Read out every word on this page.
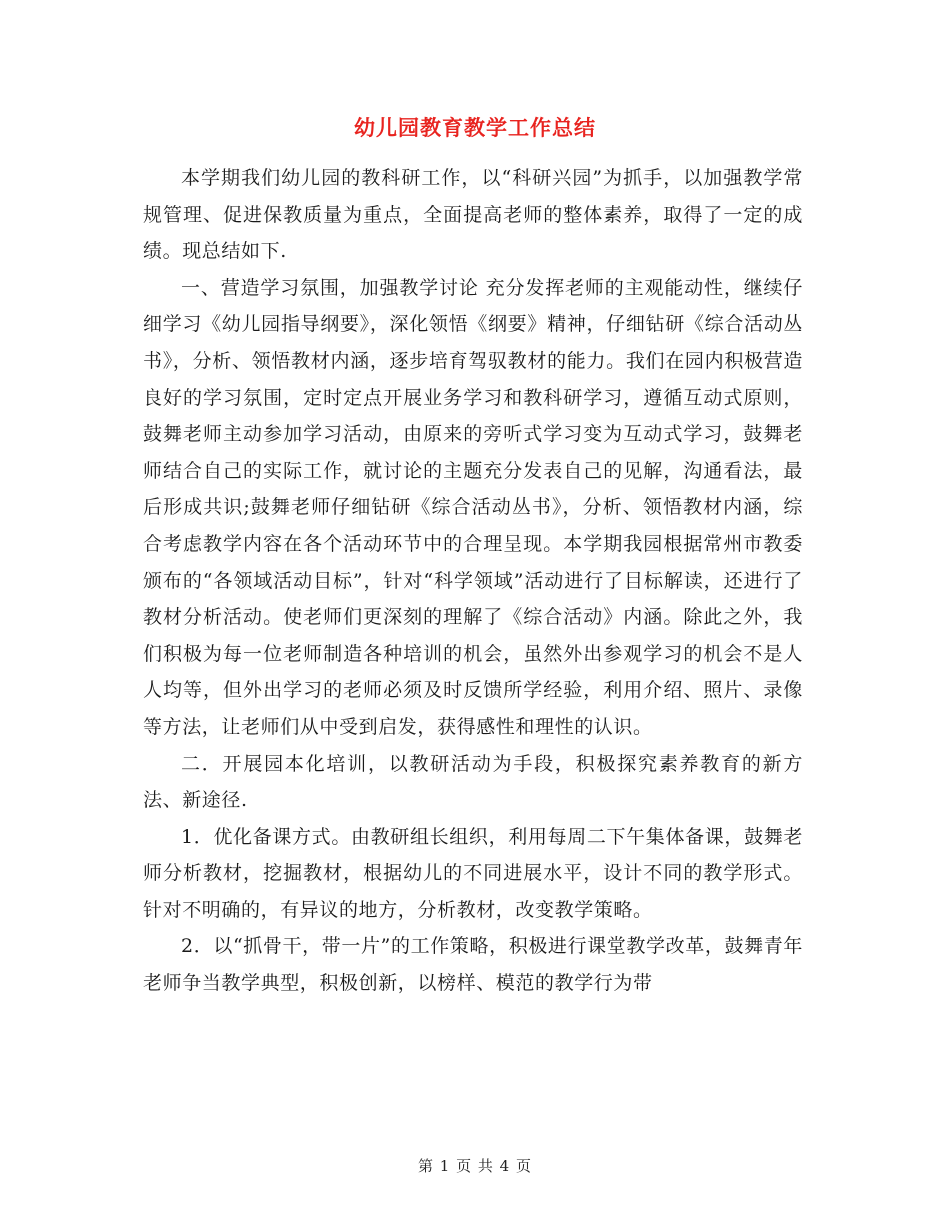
幼儿园教育教学工作总结

本学期我们幼儿园的教科研工作，以“科研兴园”为抓手，以加强教学常规管理、促进保教质量为重点，全面提高老师的整体素养，取得了一定的成绩。现总结如下.

一、营造学习氛围，加强教学讨论 充分发挥老师的主观能动性，继续仔细学习《幼儿园指导纲要》，深化领悟《纲要》精神，仔细钻研《综合活动丛书》，分析、领悟教材内涵，逐步培育驾驭教材的能力。我们在园内积极营造良好的学习氛围，定时定点开展业务学习和教科研学习，遵循互动式原则，鼓舞老师主动参加学习活动，由原来的旁听式学习变为互动式学习，鼓舞老师结合自己的实际工作，就讨论的主题充分发表自己的见解，沟通看法，最后形成共识;鼓舞老师仔细钻研《综合活动丛书》，分析、领悟教材内涵，综合考虑教学内容在各个活动环节中的合理呈现。本学期我园根据常州市教委颁布的“各领域活动目标”，针对“科学领域”活动进行了目标解读，还进行了教材分析活动。使老师们更深刻的理解了《综合活动》内涵。除此之外，我们积极为每一位老师制造各种培训的机会，虽然外出参观学习的机会不是人人均等，但外出学习的老师必须及时反馈所学经验，利用介绍、照片、录像等方法，让老师们从中受到启发，获得感性和理性的认识。

二．开展园本化培训，以教研活动为手段，积极探究素养教育的新方法、新途径.

1．优化备课方式。由教研组长组织，利用每周二下午集体备课，鼓舞老师分析教材，挖掘教材，根据幼儿的不同进展水平，设计不同的教学形式。针对不明确的，有异议的地方，分析教材，改变教学策略。

2．以“抓骨干，带一片”的工作策略，积极进行课堂教学改革，鼓舞青年老师争当教学典型，积极创新，以榜样、模范的教学行为带

第 1 页 共 4 页
